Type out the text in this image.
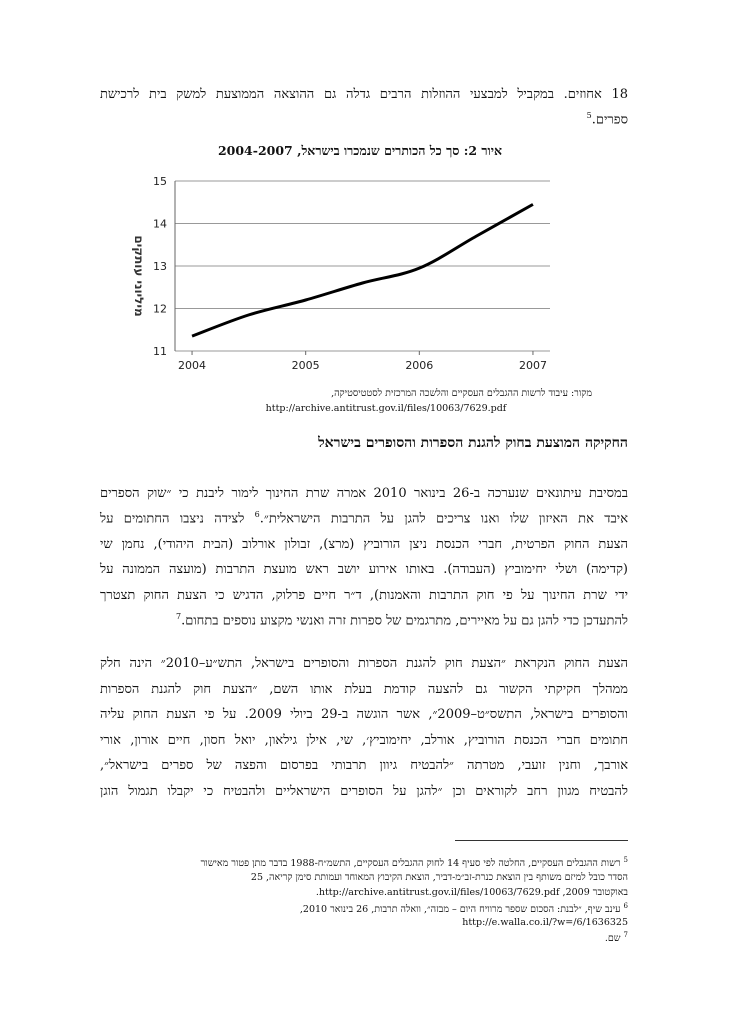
18 אחוזים. במקביל למבצעי ההוזלות הרבים גדלה גם ההוצאה הממוצעת למשק בית לרכישת
ספרים.$^5$
איור 2: סך כל הכותרים שנמכרו בישראל, 2004-2007
11
12
13
14
15
2004	2005	2006	2007
מיליוני עותקים
מקור: עיבוד לרשות ההגבלים העסקיים והלשכה המרכזית לסטטיסטיקה,
http://archive.antitrust.gov.il/files/10063/7629.pdf
החקיקה המוצעת בחוק להגנת הספרות והסופרים בישראל
במסיבת עיתונאים שנערכה ב-26 בינואר 2010 אמרה שרת החינוך לימור ליבנת כי ״שוק הספרים
איבד את האיזון שלו ואנו צריכים להגן על התרבות הישראלית״.$^6$ לצידה ניצבו החתומים על
הצעת החוק הפרטית, חברי הכנסת ניצן הורוביץ (מרצ), זבולון אורלוב (הבית היהודי), נחמן שי
(קדימה) ושלי יחימוביץ (העבודה). באותו אירוע יושב ראש מועצת התרבות (מועצה הממונה על
ידי שרת החינוך על פי חוק התרבות והאמנות), ד״ר חיים פרלוק, הדגיש כי הצעת החוק תצטרך
להתעדכן כדי להגן גם על מאיירים, מתרגמים של ספרות זרה ואנשי מקצוע נוספים בתחום.$^7$
הצעת החוק הנקראת ״הצעת חוק להגנת הספרות והסופרים בישראל, התש״ע–2010״ הינה חלק
ממהלך חקיקתי הקשור גם להצעה קודמת בעלת אותו השם, ״הצעת חוק להגנת הספרות
והסופרים בישראל, התשס״ט–2009״, אשר הוגשה ב-29 ביולי 2009. על פי הצעת החוק עליה
חתומים חברי הכנסת הורוביץ, אורלב, יחימוביץ׳, שי, אילן גילאון, יואל חסון, חיים אורון, אורי
אורבך, וחנין זועבי, מטרתה ״להבטיח גיוון תרבותי בפרסום והפצה של ספרים בישראל״,
להבטיח מגוון רחב לקוראים וכן ״להגן על הסופרים הישראליים ולהבטיח כי יקבלו תגמול הוגן
$^5$ רשות ההגבלים העסקיים, החלטה לפי סעיף 14 לחוק ההגבלים העסקיים, התשמ״ח-1988 בדבר מתן פטור מאישור
הסדר כובל למיזם משותף בין הוצאת כנרת-זב״מ-דביר, הוצאת הקיבוץ המאוחד ועמותת סימן קריאה, 25
באוקטובר 2009, http://archive.antitrust.gov.il/files/10063/7629.pdf.
$^6$ עינב שיף, ״לבנת: הסכום שספר מרוויח היום – מבזה״, וואלה תרבות, 26 בינואר 2010,
http://e.walla.co.il/?w=/6/1636325
$^7$ שם.
